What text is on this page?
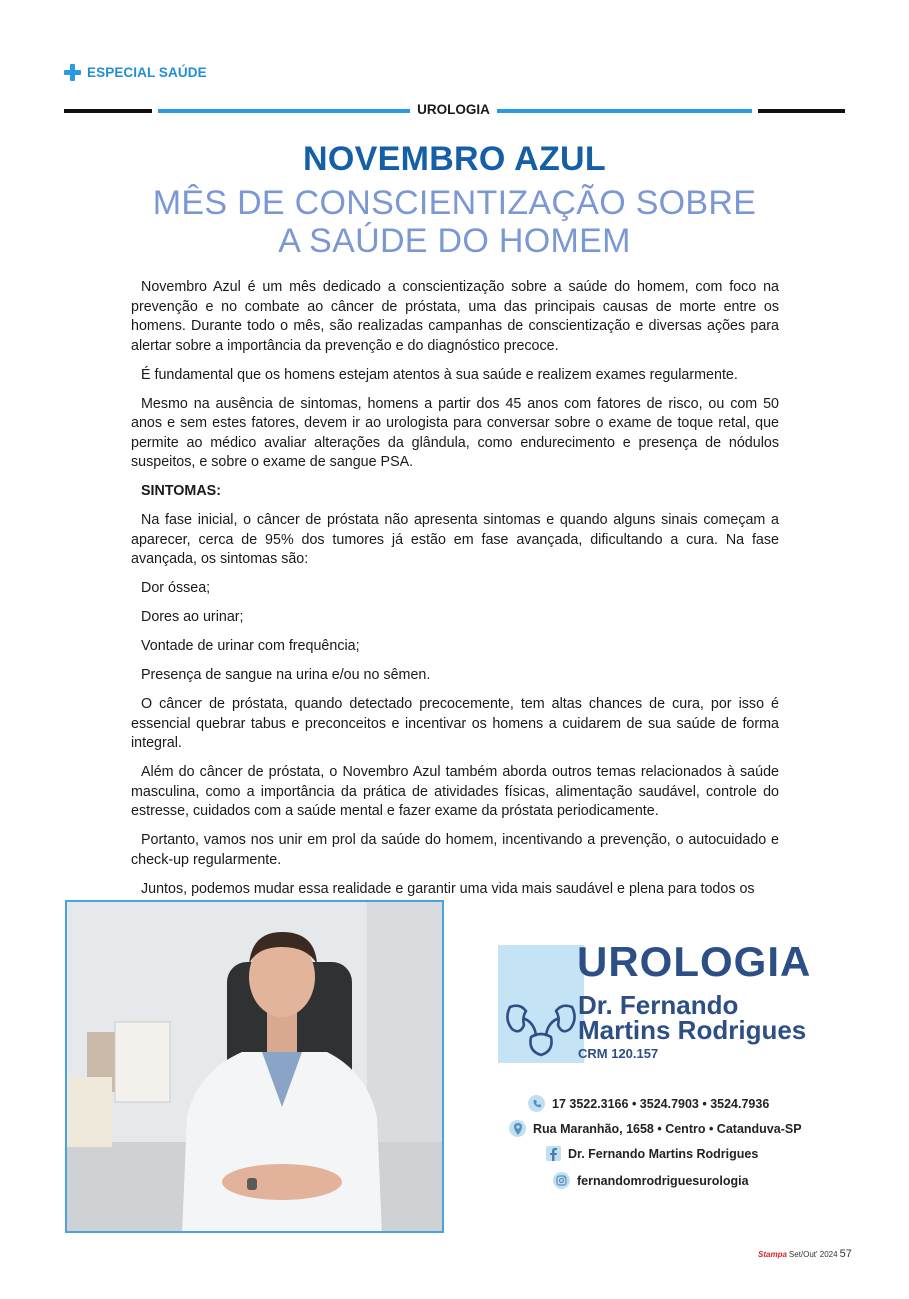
ESPECIAL SAÚDE
UROLOGIA
NOVEMBRO AZUL
MÊS DE CONSCIENTIZAÇÃO SOBRE
A SAÚDE DO HOMEM

Novembro Azul é um mês dedicado a conscientização sobre a saúde do homem, com foco na prevenção e no combate ao câncer de próstata, uma das principais causas de morte entre os homens. Durante todo o mês, são realizadas campanhas de conscientização e diversas ações para alertar sobre a importância da prevenção e do diagnóstico precoce.

É fundamental que os homens estejam atentos à sua saúde e realizem exames regularmente.

Mesmo na ausência de sintomas, homens a partir dos 45 anos com fatores de risco, ou com 50 anos e sem estes fatores, devem ir ao urologista para conversar sobre o exame de toque retal, que permite ao médico avaliar alterações da glândula, como endurecimento e presença de nódulos suspeitos, e sobre o exame de sangue PSA.

SINTOMAS:

Na fase inicial, o câncer de próstata não apresenta sintomas e quando alguns sinais começam a aparecer, cerca de 95% dos tumores já estão em fase avançada, dificultando a cura. Na fase avançada, os sintomas são:

Dor óssea;

Dores ao urinar;

Vontade de urinar com frequência;

Presença de sangue na urina e/ou no sêmen.

O câncer de próstata, quando detectado precocemente, tem altas chances de cura, por isso é essencial quebrar tabus e preconceitos e incentivar os homens a cuidarem de sua saúde de forma integral.

Além do câncer de próstata, o Novembro Azul também aborda outros temas relacionados à saúde masculina, como a importância da prática de atividades físicas, alimentação saudável, controle do estresse, cuidados com a saúde mental e fazer exame da próstata periodicamente.

Portanto, vamos nos unir em prol da saúde do homem, incentivando a prevenção, o autocuidado e check-up regularmente.

Juntos, podemos mudar essa realidade e garantir uma vida mais saudável e plena para todos os

UROLOGIA
Dr. Fernando
Martins Rodrigues
CRM 120.157
17 3522.3166 • 3524.7903 • 3524.7936
Rua Maranhão, 1658 • Centro • Catanduva-SP
Dr. Fernando Martins Rodrigues
fernandomrodriguesurologia
Stampa Set/Out' 2024 57
